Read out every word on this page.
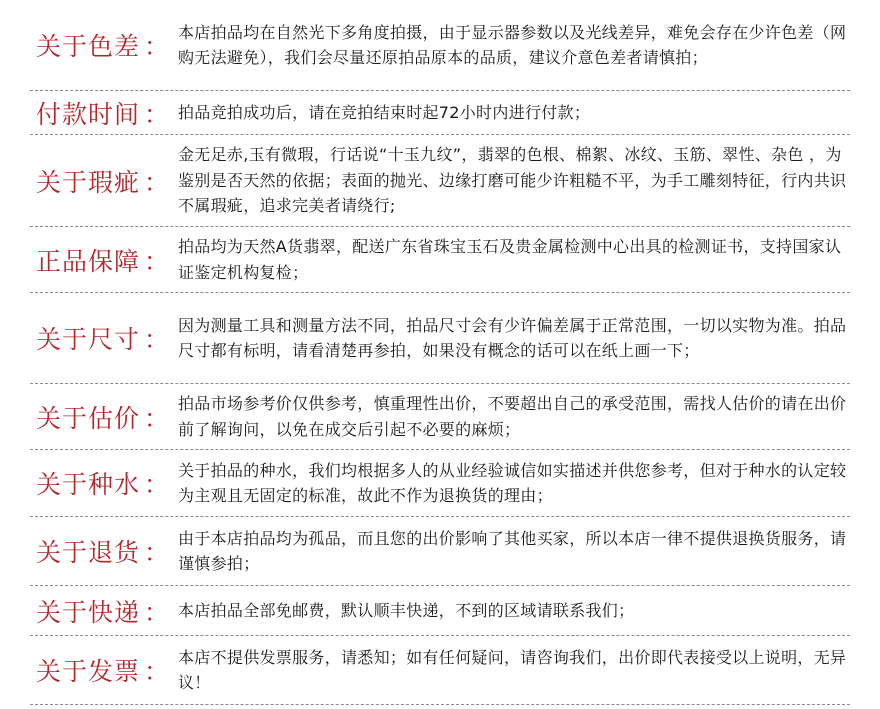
关于色差 ： 本店拍品均在自然光下多角度拍摄，由于显示器参数以及光线差异，难免会存在少许色差（网购无法避免），我们会尽量还原拍品原本的品质，建议介意色差者请慎拍；
付款时间 ： 拍品竞拍成功后，请在竞拍结束时起72小时内进行付款；
关于瑕疵 ：
金无足赤,玉有微瑕，行话说“十玉九纹”，翡翠的色根、棉絮、冰纹、玉筋、翠性、杂色 ，为鉴别是否天然的依据；表面的抛光、边缘打磨可能少许粗糙不平，为手工雕刻特征，行内共识不属瑕疵，追求完美者请绕行;
正品保障 ： 拍品均为天然A货翡翠，配送广东省珠宝玉石及贵金属检测中心出具的检测证书，支持国家认证鉴定机构复检；
关于尺寸 ： 因为测量工具和测量方法不同，拍品尺寸会有少许偏差属于正常范围，一切以实物为准。拍品尺寸都有标明，请看清楚再参拍，如果没有概念的话可以在纸上画一下；
关于估价 ： 拍品市场参考价仅供参考，慎重理性出价，不要超出自己的承受范围，需找人估价的请在出价前了解询问，以免在成交后引起不必要的麻烦；
关于种水 ： 关于拍品的种水，我们均根据多人的从业经验诚信如实描述并供您参考，但对于种水的认定较为主观且无固定的标准，故此不作为退换货的理由；
关于退货 ： 由于本店拍品均为孤品，而且您的出价影响了其他买家，所以本店一律不提供退换货服务，请谨慎参拍；
关于快递 ： 本店拍品全部免邮费，默认顺丰快递，不到的区域请联系我们；
关于发票 ： 本店不提供发票服务，请悉知；如有任何疑问，请咨询我们，出价即代表接受以上说明，无异议！
